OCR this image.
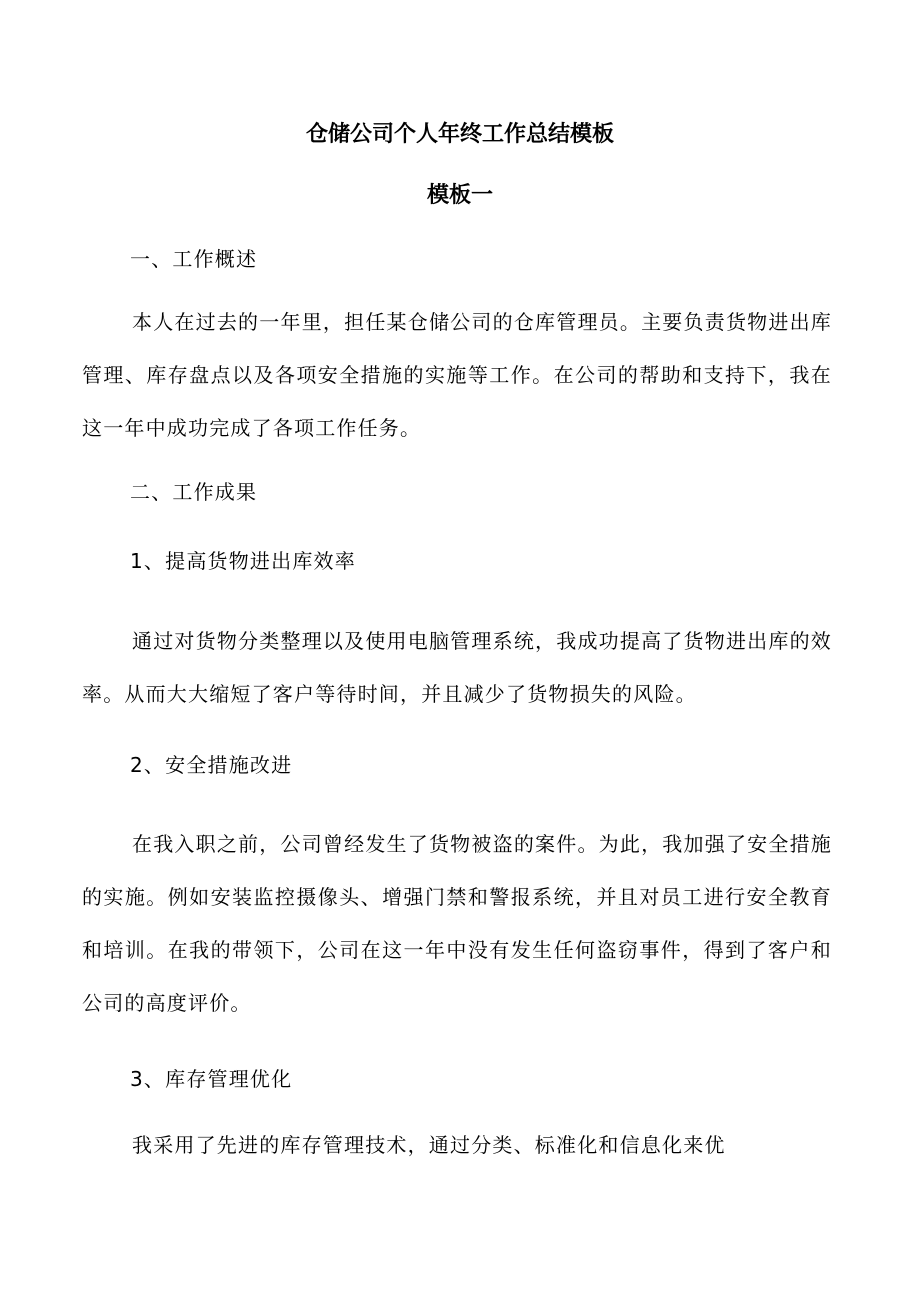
仓储公司个人年终工作总结模板
模板一

一、工作概述

本人在过去的一年里，担任某仓储公司的仓库管理员。主要负责货物进出库管理、库存盘点以及各项安全措施的实施等工作。在公司的帮助和支持下，我在这一年中成功完成了各项工作任务。

二、工作成果

1、提高货物进出库效率

通过对货物分类整理以及使用电脑管理系统，我成功提高了货物进出库的效率。从而大大缩短了客户等待时间，并且减少了货物损失的风险。

2、安全措施改进

在我入职之前，公司曾经发生了货物被盗的案件。为此，我加强了安全措施的实施。例如安装监控摄像头、增强门禁和警报系统，并且对员工进行安全教育和培训。在我的带领下，公司在这一年中没有发生任何盗窃事件，得到了客户和公司的高度评价。

3、库存管理优化

我采用了先进的库存管理技术，通过分类、标准化和信息化来优
